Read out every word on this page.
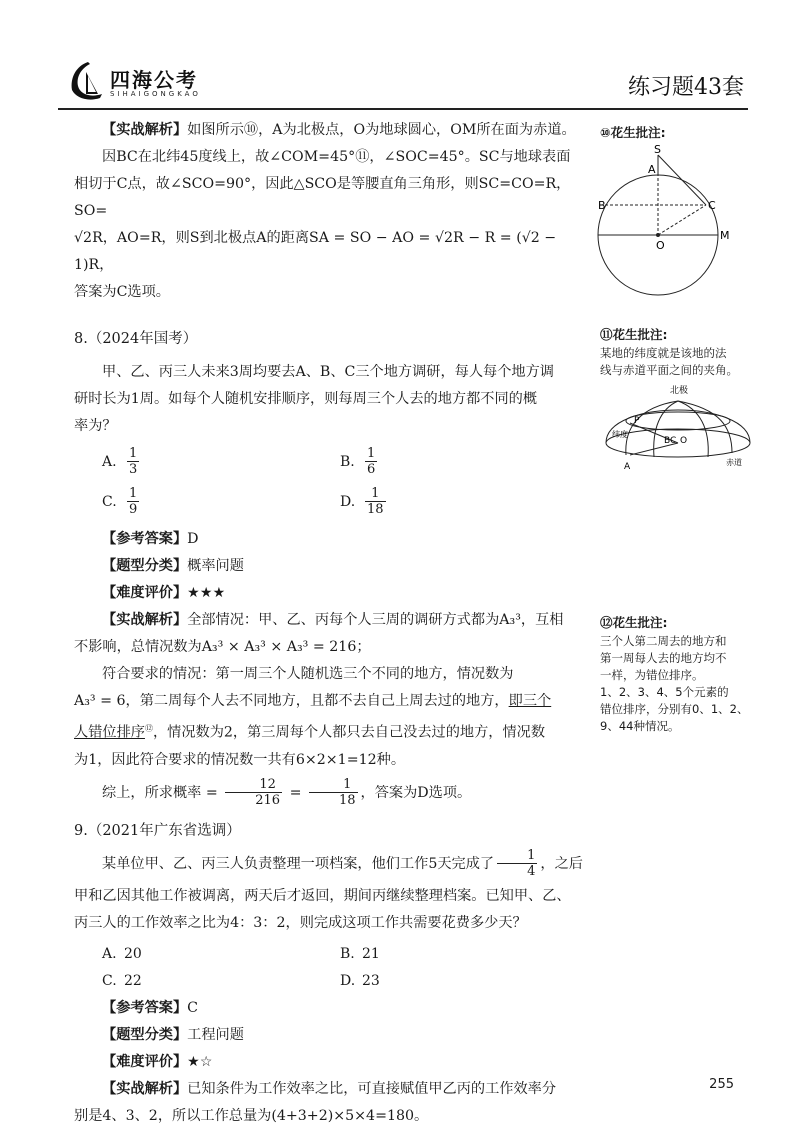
四海公考
SIHAIGONGKAO	练习题43套

【实战解析】如图所示⑩，A为北极点，O为地球圆心，OM所在面为赤道。

因BC在北纬45度线上，故∠COM=45°⑪，∠SOC=45°。SC与地球表面

相切于C点，故∠SCO=90°，因此△SCO是等腰直角三角形，则SC=CO=R，SO=

√2R，AO=R，则S到北极点A的距离SA = SO − AO = √2R − R = (√2 − 1)R，

答案为C选项。

8.（2024年国考）

甲、乙、丙三人未来3周均要去A、B、C三个地方调研，每人每个地方调

研时长为1周。如每个人随机安排顺序，则每周三个人去的地方都不同的概

率为？

A. $\frac{1}{3}$	B. $\frac{1}{6}$
C. $\frac{1}{9}$	D. $\frac{1}{18}$

【参考答案】D

【题型分类】概率问题

【难度评价】★★★

【实战解析】全部情况：甲、乙、丙每个人三周的调研方式都为A₃³，互相

不影响，总情况数为A₃³ × A₃³ × A₃³ = 216；

符合要求的情况：第一周三个人随机选三个不同的地方，情况数为

A₃³ = 6，第二周每个人去不同地方，且都不去自己上周去过的地方，即三个

人错位排序⑫，情况数为2，第三周每个人都只去自己没去过的地方，情况数

为1，因此符合要求的情况数一共有6×2×1=12种。

综上，所求概率 = $\frac{12}{216} = \frac{1}{18}$ ，答案为D选项。

9.（2021年广东省选调）

某单位甲、乙、丙三人负责整理一项档案，他们工作5天完成了 $\frac{1}{4}$ ，之后

甲和乙因其他工作被调离，两天后才返回，期间丙继续整理档案。已知甲、乙、

丙三人的工作效率之比为4：3：2，则完成这项工作共需要花费多少天？

A. 20	B. 21
C. 22	D. 23

【参考答案】C

【题型分类】工程问题

【难度评价】★☆

【实战解析】已知条件为工作效率之比，可直接赋值甲乙丙的工作效率分

别是4、3、2，所以工作总量为(4+3+2)×5×4=180。

⑩花生批注:
S
A
B	C
O
M
⑪花生批注:
某地的纬度就是该地的法
线与赤道平面之间的夹角。
北极
P
B C O
A
纬度
赤道
⑫花生批注:
三个人第二周去的地方和
第一周每人去的地方均不
一样，为错位排序。
1、2、3、4、5个元素的
错位排序，分别有0、1、2、
9、44种情况。
255
